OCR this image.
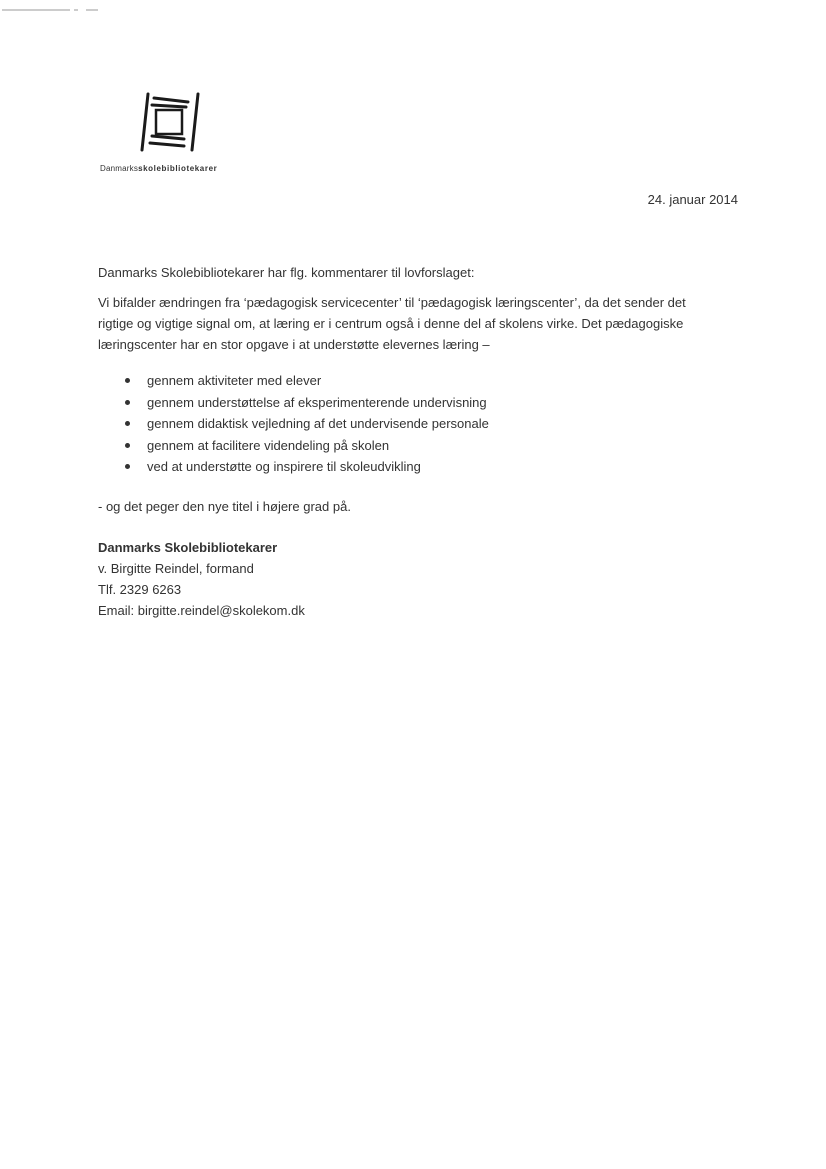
Danmarksskolebibliotekarer
24. januar 2014
Danmarks Skolebibliotekarer har flg. kommentarer til lovforslaget:
Vi bifalder ændringen fra ‘pædagogisk servicecenter’ til ‘pædagogisk læringscenter’, da det sender det
rigtige og vigtige signal om, at læring er i centrum også i denne del af skolens virke. Det pædagogiske
læringscenter har en stor opgave i at understøtte elevernes læring –
gennem aktiviteter med elever
gennem understøttelse af eksperimenterende undervisning
gennem didaktisk vejledning af det undervisende personale
gennem at facilitere videndeling på skolen
ved at understøtte og inspirere til skoleudvikling
- og det peger den nye titel i højere grad på.
Danmarks Skolebibliotekarer
v. Birgitte Reindel, formand
Tlf. 2329 6263
Email: birgitte.reindel@skolekom.dk
